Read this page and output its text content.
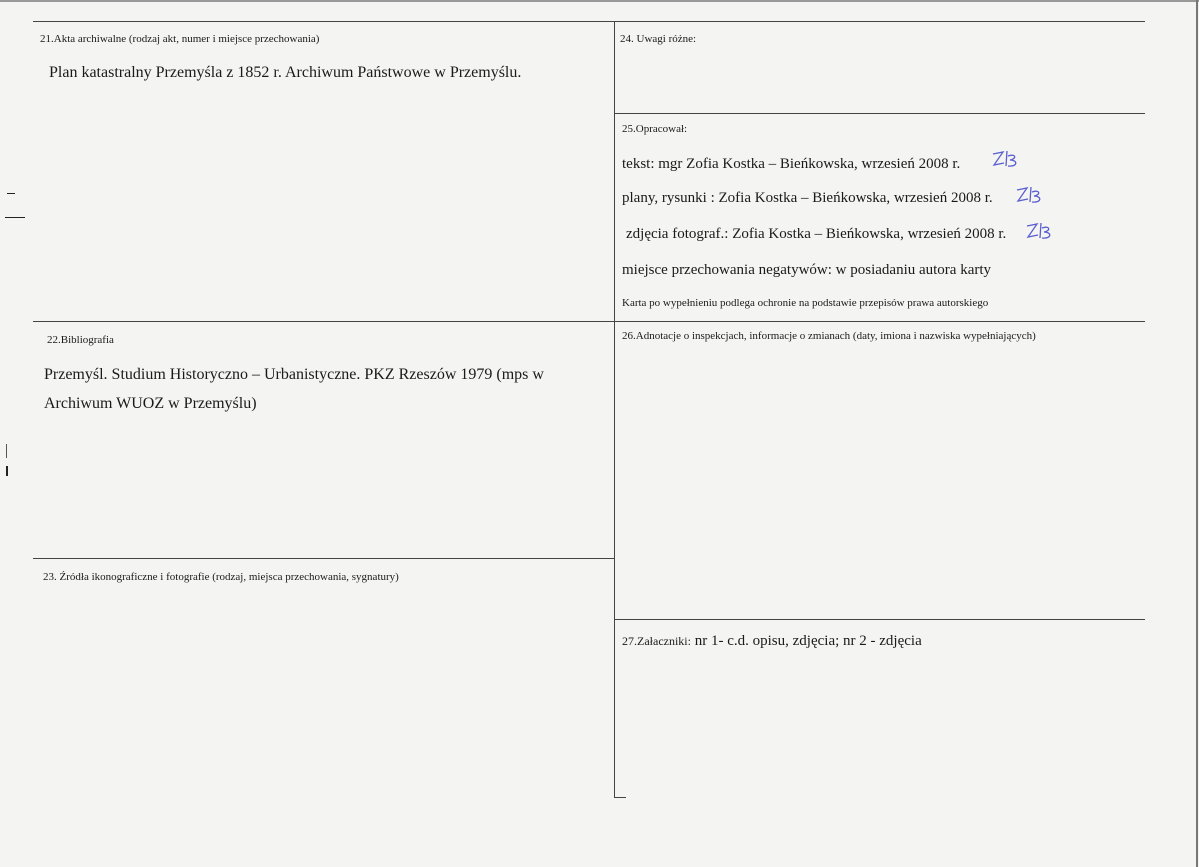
21.Akta archiwalne (rodzaj akt, numer i miejsce przechowania)
Plan katastralny Przemyśla z 1852 r. Archiwum Państwowe w Przemyślu.
24. Uwagi różne:
25.Opracował:
tekst: mgr Zofia Kostka – Bieńkowska, wrzesień 2008 r.
plany, rysunki : Zofia Kostka – Bieńkowska, wrzesień 2008 r.
zdjęcia fotograf.: Zofia Kostka – Bieńkowska, wrzesień 2008 r.
miejsce przechowania negatywów: w posiadaniu autora karty
Karta po wypełnieniu podlega ochronie na podstawie przepisów prawa autorskiego
22.Bibliografia
Przemyśl. Studium Historyczno – Urbanistyczne. PKZ Rzeszów 1979 (mps w Archiwum WUOZ w Przemyślu)
26.Adnotacje o inspekcjach, informacje o zmianach (daty, imiona i nazwiska wypełniających)
23. Źródła ikonograficzne i fotografie (rodzaj, miejsca przechowania, sygnatury)
27.Załaczniki: nr 1- c.d. opisu, zdjęcia; nr 2 - zdjęcia
